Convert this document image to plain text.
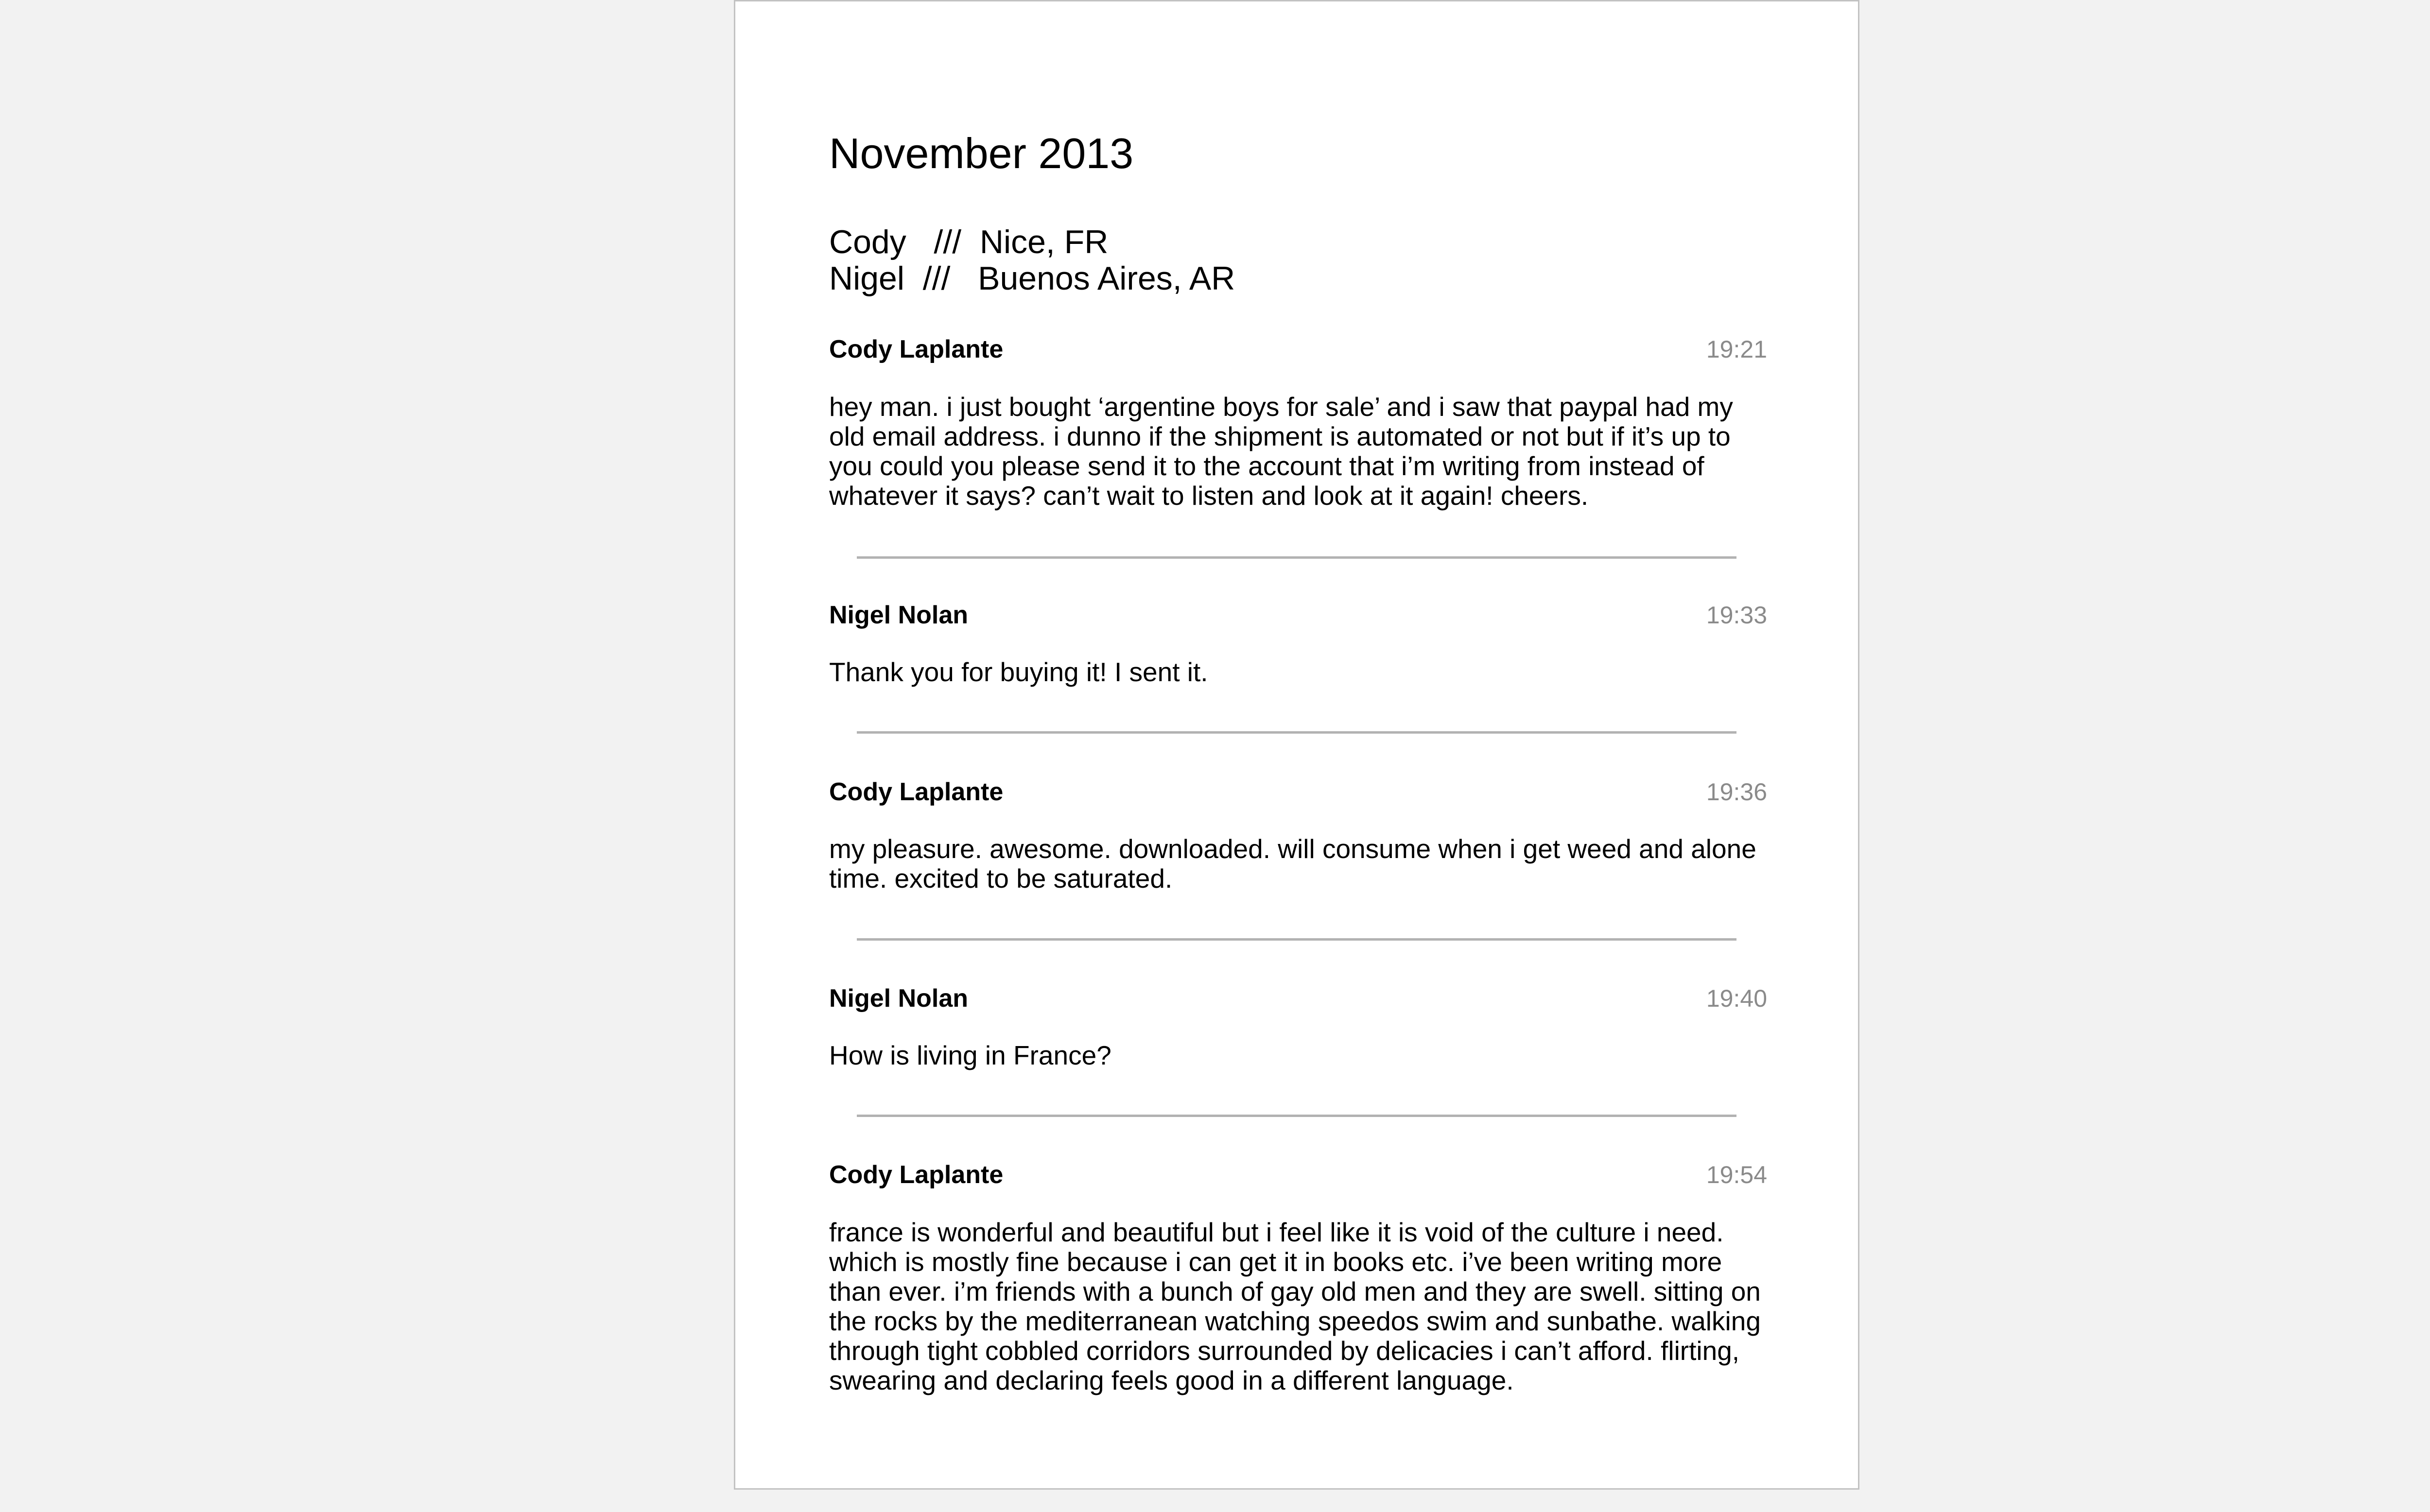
November 2013
Cody   ///  Nice, FR
Nigel  ///   Buenos Aires, AR
Cody Laplante	19:21
hey man. i just bought ‘argentine boys for sale’ and i saw that paypal had my old email address. i dunno if the shipment is automated or not but if it’s up to you could you please send it to the account that i’m writing from instead of whatever it says? can’t wait to listen and look at it again! cheers.
Nigel Nolan	19:33
Thank you for buying it! I sent it.
Cody Laplante	19:36
my pleasure. awesome. downloaded. will consume when i get weed and alone time. excited to be saturated.
Nigel Nolan	19:40
How is living in France?
Cody Laplante	19:54
france is wonderful and beautiful but i feel like it is void of the culture i need. which is mostly fine because i can get it in books etc. i’ve been writing more than ever. i’m friends with a bunch of gay old men and they are swell. sitting on the rocks by the mediterranean watching speedos swim and sunbathe. walking through tight cobbled corridors surrounded by delicacies i can’t afford. flirting, swearing and declaring feels good in a different language.
